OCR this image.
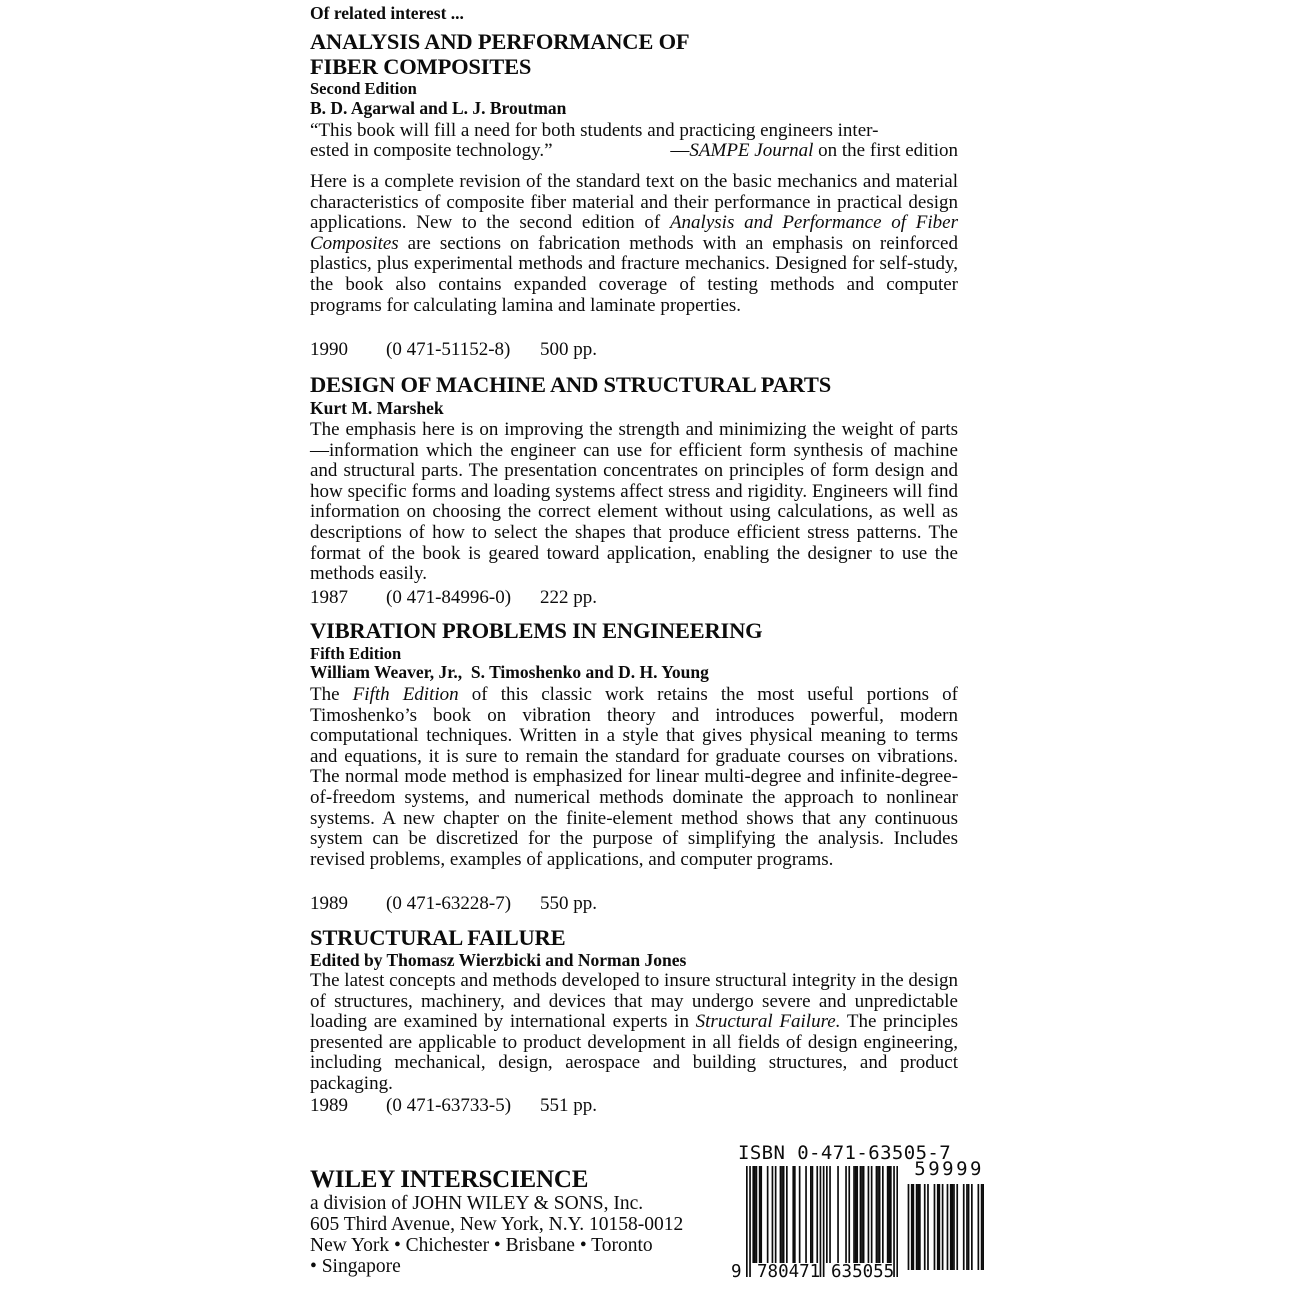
Of related interest ...
ANALYSIS AND PERFORMANCE OF
FIBER COMPOSITES
Second Edition
B. D. Agarwal and L. J. Broutman
“This book will fill a need for both students and practicing engineers inter-
ested in composite technology.”	—SAMPE Journal on the first edition
Here is a complete revision of the standard text on the basic mechanics and material characteristics of composite fiber material and their performance in practical design applications. New to the second edition of Analysis and Performance of Fiber Composites are sections on fabrication methods with an emphasis on reinforced plastics, plus experimental methods and fracture mechanics. Designed for self-study, the book also contains expanded coverage of testing methods and computer programs for calculating lamina and laminate properties.
1990 (0 471-51152-8) 500 pp.
DESIGN OF MACHINE AND STRUCTURAL PARTS
Kurt M. Marshek
The emphasis here is on improving the strength and minimizing the weight of parts—information which the engineer can use for efficient form synthesis of machine and structural parts. The presentation concentrates on principles of form design and how specific forms and loading systems affect stress and rigidity. Engineers will find information on choosing the correct element without using calculations, as well as descriptions of how to select the shapes that produce efficient stress patterns. The format of the book is geared toward application, enabling the designer to use the methods easily.
1987 (0 471-84996-0) 222 pp.
VIBRATION PROBLEMS IN ENGINEERING
Fifth Edition
William Weaver, Jr.,  S. Timoshenko and D. H. Young
The Fifth Edition of this classic work retains the most useful portions of Timoshenko’s book on vibration theory and introduces powerful, modern computational techniques. Written in a style that gives physical meaning to terms and equations, it is sure to remain the standard for graduate courses on vibrations. The normal mode method is emphasized for linear multi-degree and infinite-degree-of-freedom systems, and numerical methods dominate the approach to nonlinear systems. A new chapter on the finite-element method shows that any continuous system can be discretized for the purpose of simplifying the analysis. Includes revised problems, examples of applications, and computer programs.
1989 (0 471-63228-7) 550 pp.
STRUCTURAL FAILURE
Edited by Thomasz Wierzbicki and Norman Jones
The latest concepts and methods developed to insure structural integrity in the design of structures, machinery, and devices that may undergo severe and unpredictable loading are examined by international experts in Structural Failure. The principles presented are applicable to product development in all fields of design engineering, including mechanical, design, aerospace and building structures, and product packaging.
1989 (0 471-63733-5) 551 pp.
WILEY INTERSCIENCE
a division of JOHN WILEY & SONS, Inc.
605 Third Avenue, New York, N.Y. 10158-0012
New York • Chichester • Brisbane • Toronto
• Singapore
ISBN 0-471-63505-7
59999
9 780471 635055
